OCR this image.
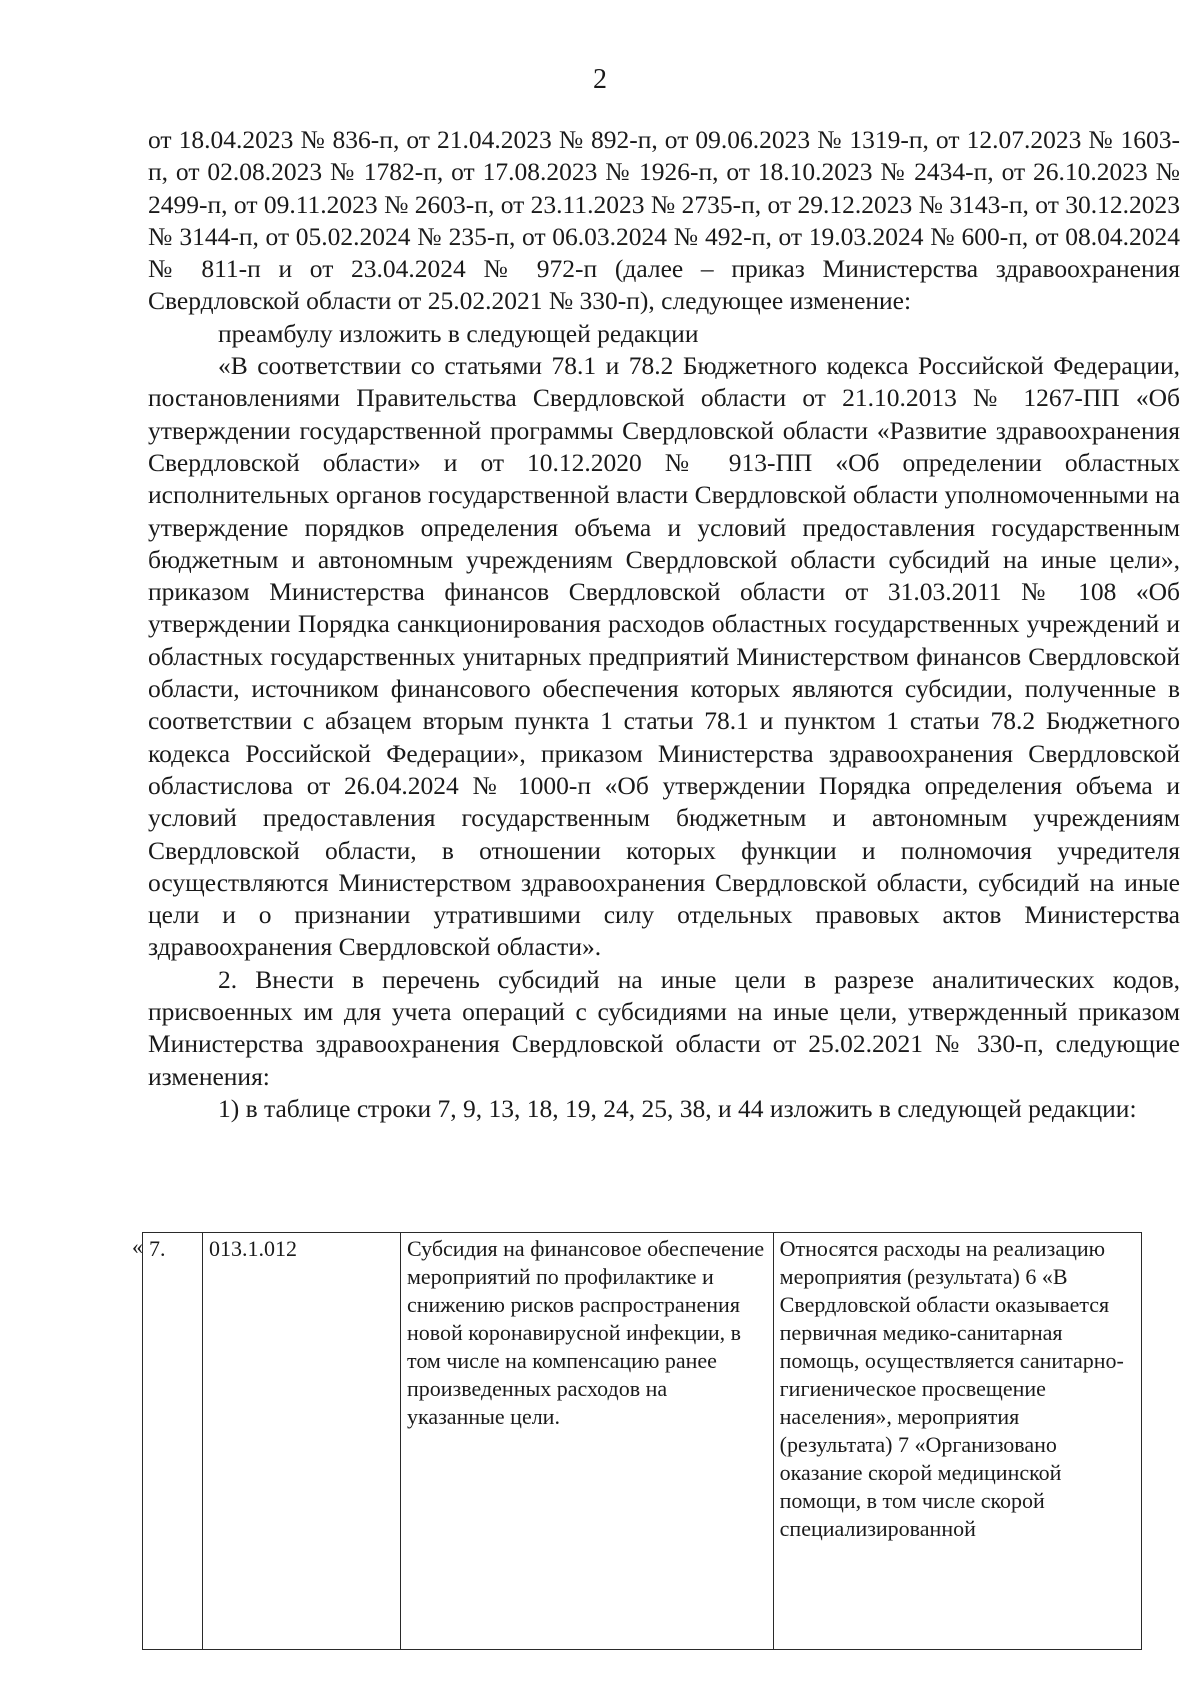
2

от 18.04.2023 № 836-п, от 21.04.2023 № 892-п, от 09.06.2023 № 1319-п, от 12.07.2023 № 1603-п, от 02.08.2023 № 1782-п, от 17.08.2023 № 1926-п, от 18.10.2023 № 2434-п, от 26.10.2023 № 2499-п, от 09.11.2023 № 2603-п, от 23.11.2023 № 2735-п, от 29.12.2023 № 3143-п, от 30.12.2023 № 3144-п, от 05.02.2024 № 235-п, от 06.03.2024 № 492-п, от 19.03.2024 № 600-п, от 08.04.2024 № 811-п и от 23.04.2024 № 972-п (далее – приказ Министерства здравоохранения Свердловской области от 25.02.2021 № 330-п), следующее изменение:

преамбулу изложить в следующей редакции

«В соответствии со статьями 78.1 и 78.2 Бюджетного кодекса Российской Федерации, постановлениями Правительства Свердловской области от 21.10.2013 № 1267-ПП «Об утверждении государственной программы Свердловской области «Развитие здравоохранения Свердловской области» и от 10.12.2020 № 913-ПП «Об определении областных исполнительных органов государственной власти Свердловской области уполномоченными на утверждение порядков определения объема и условий предоставления государственным бюджетным и автономным учреждениям Свердловской области субсидий на иные цели», приказом Министерства финансов Свердловской области от 31.03.2011 № 108 «Об утверждении Порядка санкционирования расходов областных государственных учреждений и областных государственных унитарных предприятий Министерством финансов Свердловской области, источником финансового обеспечения которых являются субсидии, полученные в соответствии с абзацем вторым пункта 1 статьи 78.1 и пунктом 1 статьи 78.2 Бюджетного кодекса Российской Федерации», приказом Министерства здравоохранения Свердловской областислова от 26.04.2024 № 1000-п «Об утверждении Порядка определения объема и условий предоставления государственным бюджетным и автономным учреждениям Свердловской области, в отношении которых функции и полномочия учредителя осуществляются Министерством здравоохранения Свердловской области, субсидий на иные цели и о признании утратившими силу отдельных правовых актов Министерства здравоохранения Свердловской области».

2. Внести в перечень субсидий на иные цели в разрезе аналитических кодов, присвоенных им для учета операций с субсидиями на иные цели, утвержденный приказом Министерства здравоохранения Свердловской области от 25.02.2021 № 330-п, следующие изменения:

1) в таблице строки 7, 9, 13, 18, 19, 24, 25, 38, и 44 изложить в следующей редакции:

« 7.	013.1.012	Субсидия на финансовое обеспечение мероприятий по профилактике и снижению рисков распространения новой коронавирусной инфекции, в том числе на компенсацию ранее произведенных расходов на указанные цели.	Относятся расходы на реализацию мероприятия (результата) 6 «В Свердловской области оказывается первичная медико-санитарная помощь, осуществляется санитарно-гигиеническое просвещение населения», мероприятия (результата) 7 «Организовано оказание скорой медицинской помощи, в том числе скорой специализированной
